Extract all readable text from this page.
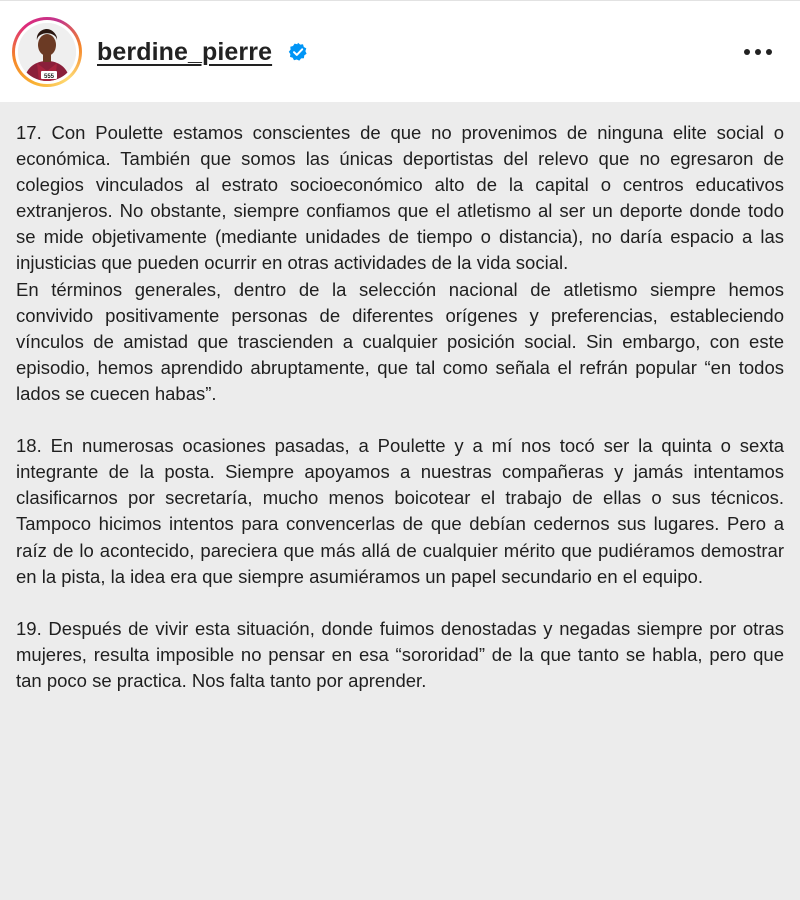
555
berdine_pierre

17. Con Poulette estamos conscientes de que no provenimos de ninguna elite social o económica. También que somos las únicas deportistas del relevo que no egresaron de colegios vinculados al estrato socioeconómico alto de la capital o centros educativos extranjeros. No obstante, siempre confiamos que el atletismo al ser un deporte donde todo se mide objetivamente (mediante unidades de tiempo o distancia), no daría espacio a las injusticias que pueden ocurrir en otras actividades de la vida social.

En términos generales, dentro de la selección nacional de atletismo siempre hemos convivido positivamente personas de diferentes orígenes y preferencias, estableciendo vínculos de amistad que trascienden a cualquier posición social. Sin embargo, con este episodio, hemos aprendido abruptamente, que tal como señala el refrán popular “en todos lados se cuecen habas”.

18. En numerosas ocasiones pasadas, a Poulette y a mí nos tocó ser la quinta o sexta integrante de la posta. Siempre apoyamos a nuestras compañeras y jamás intentamos clasificarnos por secretaría, mucho menos boicotear el trabajo de ellas o sus técnicos. Tampoco hicimos intentos para convencerlas de que debían cedernos sus lugares. Pero a raíz de lo acontecido, pareciera que más allá de cualquier mérito que pudiéramos demostrar en la pista, la idea era que siempre asumiéramos un papel secundario en el equipo.

19. Después de vivir esta situación, donde fuimos denostadas y negadas siempre por otras mujeres, resulta imposible no pensar en esa “sororidad” de la que tanto se habla, pero que tan poco se practica. Nos falta tanto por aprender.
